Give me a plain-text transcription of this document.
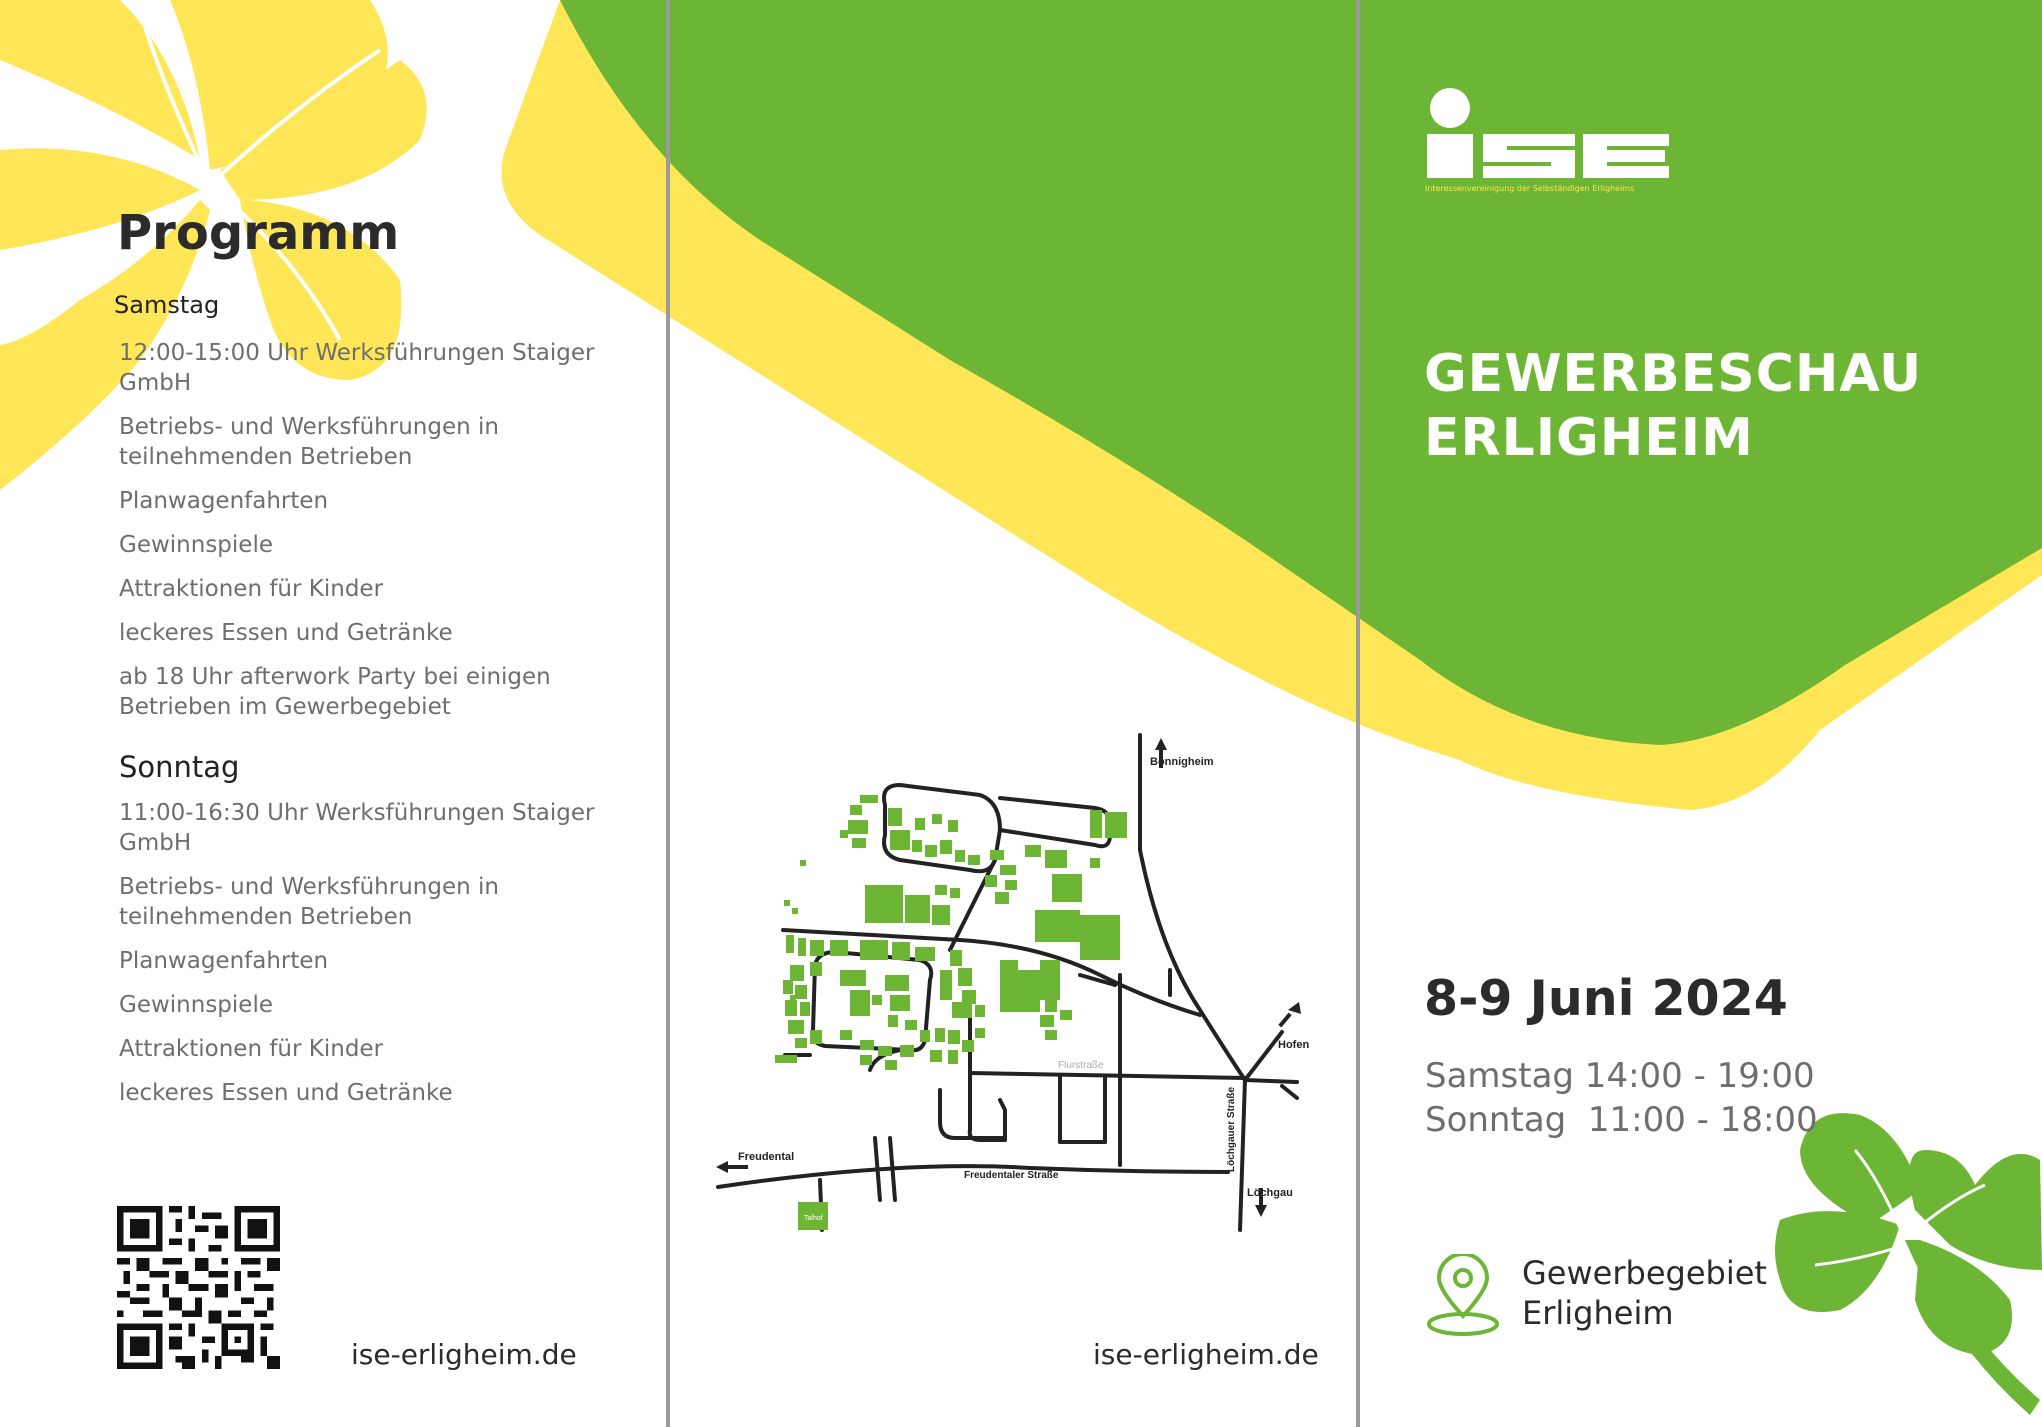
Programm
Samstag
12:00-15:00 Uhr Werksführungen Staiger GmbH
Betriebs- und Werksführungen in teilnehmenden Betrieben
Planwagenfahrten
Gewinnspiele
Attraktionen für Kinder
leckeres Essen und Getränke
ab 18 Uhr afterwork Party bei einigen Betrieben im Gewerbegebiet
Sonntag
11:00-16:30 Uhr Werksführungen Staiger GmbH
Betriebs- und Werksführungen in teilnehmenden Betrieben
Planwagenfahrten
Gewinnspiele
Attraktionen für Kinder
leckeres Essen und Getränke
ise-erligheim.de
Bönnigheim
Hofen
Löchgau
Freudental
Freudentaler Straße
Löchgauer Straße
Flurstraße
Talhof
ise-erligheim.de
Interessenvereinigung der Selbständigen Erligheims
GEWERBESCHAU
ERLIGHEIM
8-9 Juni 2024
Samstag 14:00 - 19:00
Sonntag  11:00 - 18:00
Gewerbegebiet
Erligheim
